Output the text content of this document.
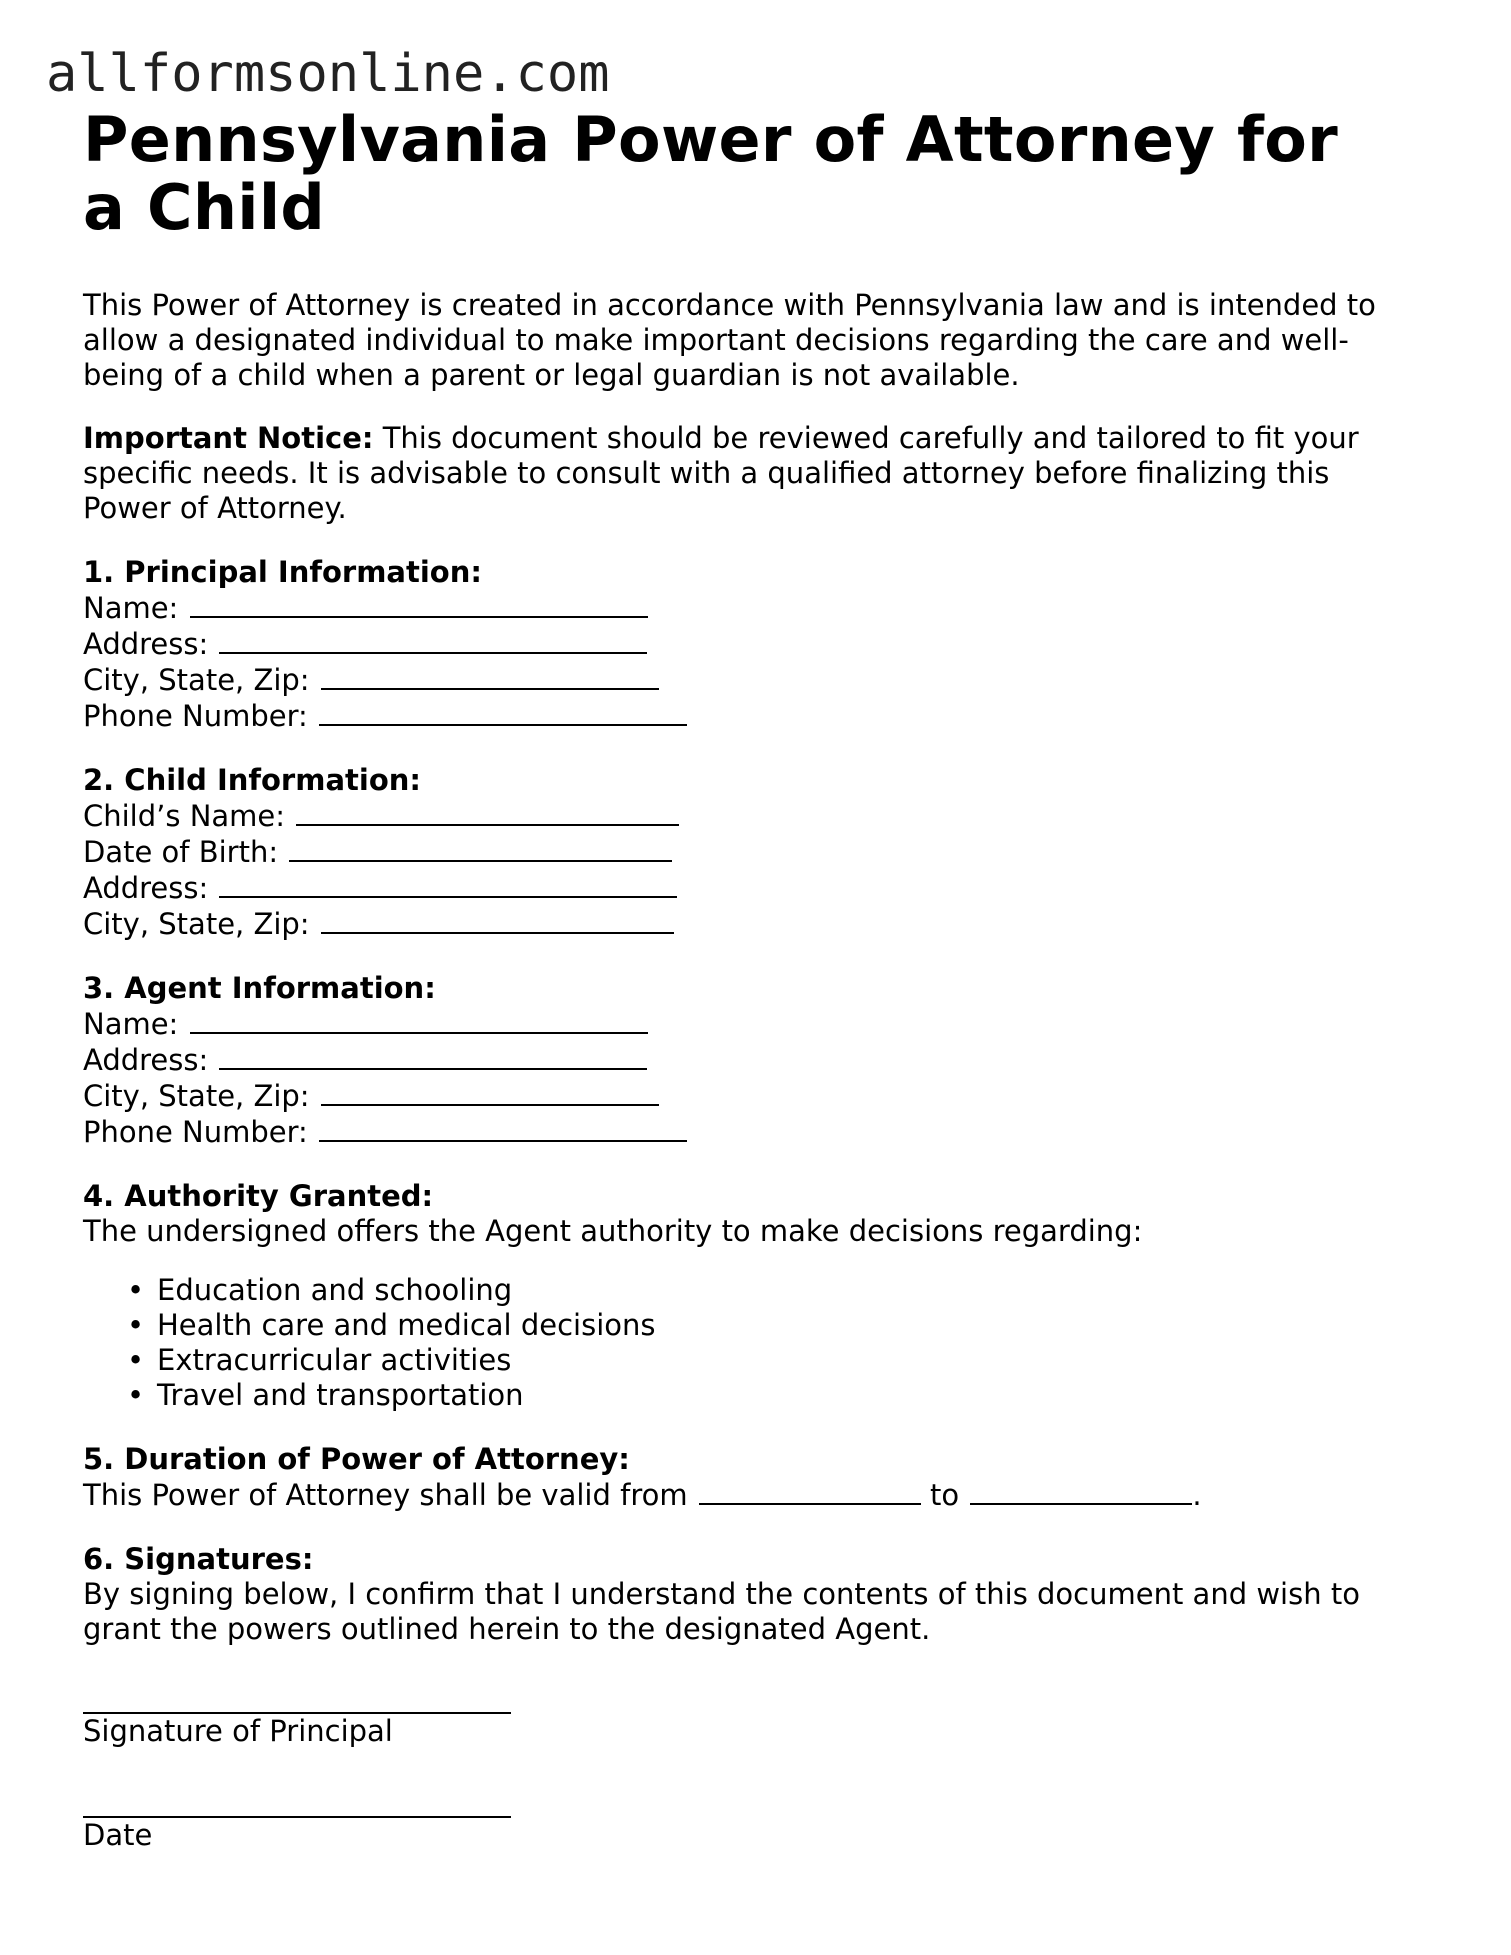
allformsonline.com
Pennsylvania Power of Attorney for a Child

This Power of Attorney is created in accordance with Pennsylvania law and is intended to allow a designated individual to make important decisions regarding the care and well-being of a child when a parent or legal guardian is not available.

Important Notice: This document should be reviewed carefully and tailored to fit your specific needs. It is advisable to consult with a qualified attorney before finalizing this Power of Attorney.

1. Principal Information:
Name:
Address:
City, State, Zip:
Phone Number:
2. Child Information:
Child’s Name:
Date of Birth:
Address:
City, State, Zip:
3. Agent Information:
Name:
Address:
City, State, Zip:
Phone Number:
4. Authority Granted:
The undersigned offers the Agent authority to make decisions regarding:
• Education and schooling
• Health care and medical decisions
• Extracurricular activities
• Travel and transportation
5. Duration of Power of Attorney:
This Power of Attorney shall be valid from	to	.
6. Signatures:
By signing below, I confirm that I understand the contents of this document and wish to grant the powers outlined herein to the designated Agent.
Signature of Principal
Date
